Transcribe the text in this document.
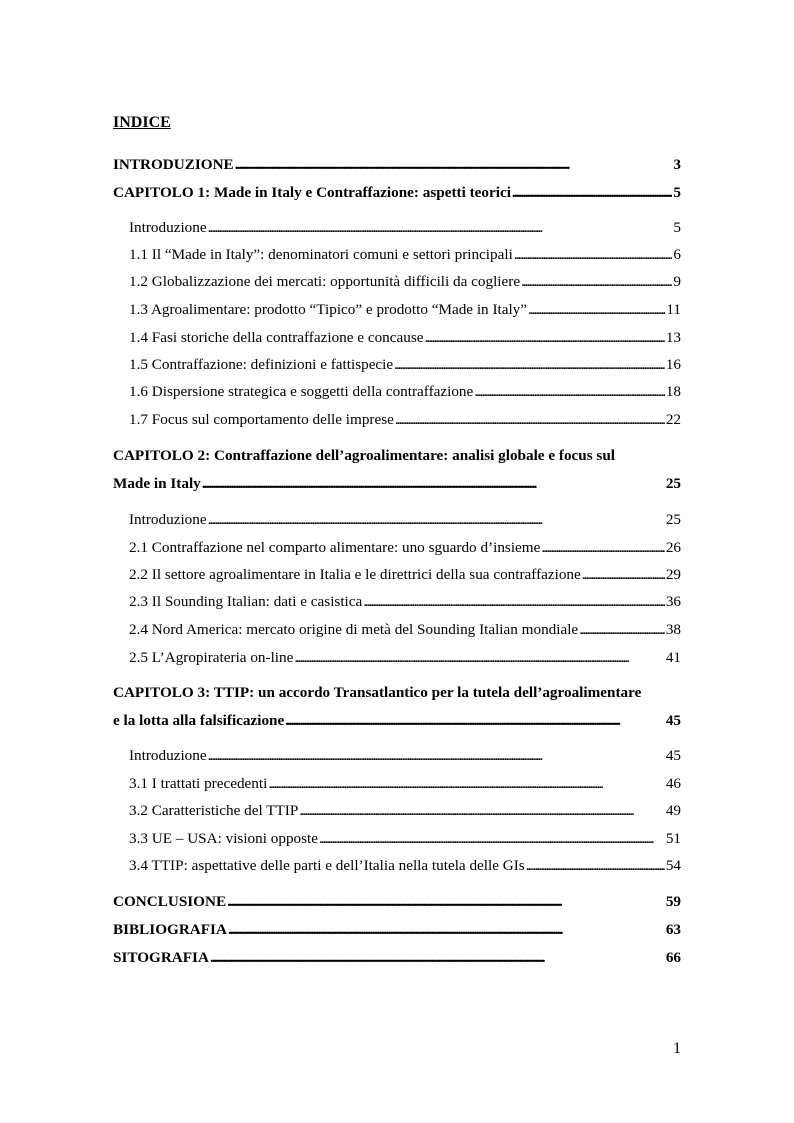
INDICE
INTRODUZIONE . . .	3
CAPITOLO 1: Made in Italy e Contraffazione: aspetti teorici . . .	5
Introduzione . . .	5
1.1 Il “Made in Italy”: denominatori comuni e settori principali . . .	6
1.2 Globalizzazione dei mercati: opportunità difficili da cogliere . . .	9
1.3 Agroalimentare: prodotto “Tipico” e prodotto “Made in Italy” . . .	11
1.4 Fasi storiche della contraffazione e concause . . .	13
1.5 Contraffazione: definizioni e fattispecie . . .	16
1.6 Dispersione strategica e soggetti della contraffazione . . .	18
1.7 Focus sul comportamento delle imprese . . .	22
CAPITOLO 2: Contraffazione dell’agroalimentare: analisi globale e focus sul
Made in Italy . . .	25
Introduzione . . .	25
2.1 Contraffazione nel comparto alimentare: uno sguardo d’insieme . . .	26
2.2 Il settore agroalimentare in Italia e le direttrici della sua contraffazione . . .	29
2.3 Il Sounding Italian: dati e casistica . . .	36
2.4 Nord America: mercato origine di metà del Sounding Italian mondiale . . .	38
2.5 L’Agropirateria on-line . . .	41
CAPITOLO 3: TTIP: un accordo Transatlantico per la tutela dell’agroalimentare
e la lotta alla falsificazione . . .	45
Introduzione . . .	45
3.1 I trattati precedenti . . .	46
3.2 Caratteristiche del TTIP . . .	49
3.3 UE – USA: visioni opposte . . .	51
3.4 TTIP: aspettative delle parti e dell’Italia nella tutela delle GIs . . .	54
CONCLUSIONE . . .	59
BIBLIOGRAFIA . . .	63
SITOGRAFIA . . .	66
1
